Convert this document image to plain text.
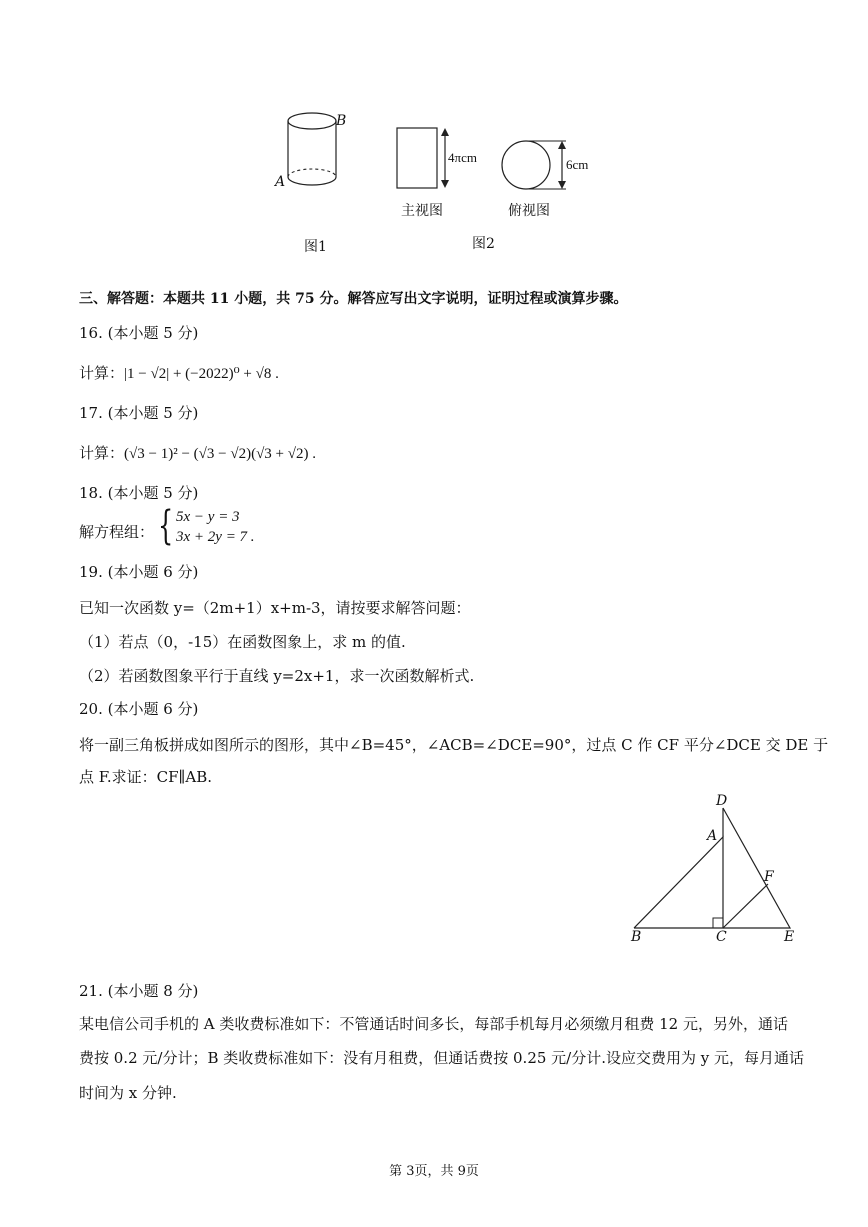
B
A
4πcm	6cm
主视图	俯视图
图1	图2
三、解答题：本题共 11 小题，共 75 分。解答应写出文字说明，证明过程或演算步骤。
16. (本小题 5 分)
计算：|1 − √2| + (−2022)⁰ + √8 .
17. (本小题 5 分)
计算：(√3 − 1)² − (√3 − √2)(√3 + √2) .
18. (本小题 5 分)
解方程组： { 5x − y = 3
3x + 2y = 7 .
19. (本小题 6 分)
已知一次函数 y=（2m+1）x+m-3，请按要求解答问题：
（1）若点（0，-15）在函数图象上，求 m 的值.
（2）若函数图象平行于直线 y=2x+1，求一次函数解析式.
20. (本小题 6 分)
将一副三角板拼成如图所示的图形，其中∠B=45°，∠ACB=∠DCE=90°，过点 C 作 CF 平分∠DCE 交 DE 于
点 F.求证：CF∥AB.
D
A
F
B	C	E
21. (本小题 8 分)
某电信公司手机的 A 类收费标准如下：不管通话时间多长，每部手机每月必须缴月租费 12 元，另外，通话
费按 0.2 元/分计；B 类收费标准如下：没有月租费，但通话费按 0.25 元/分计.设应交费用为 y 元，每月通话
时间为 x 分钟.
第 3页，共 9页
